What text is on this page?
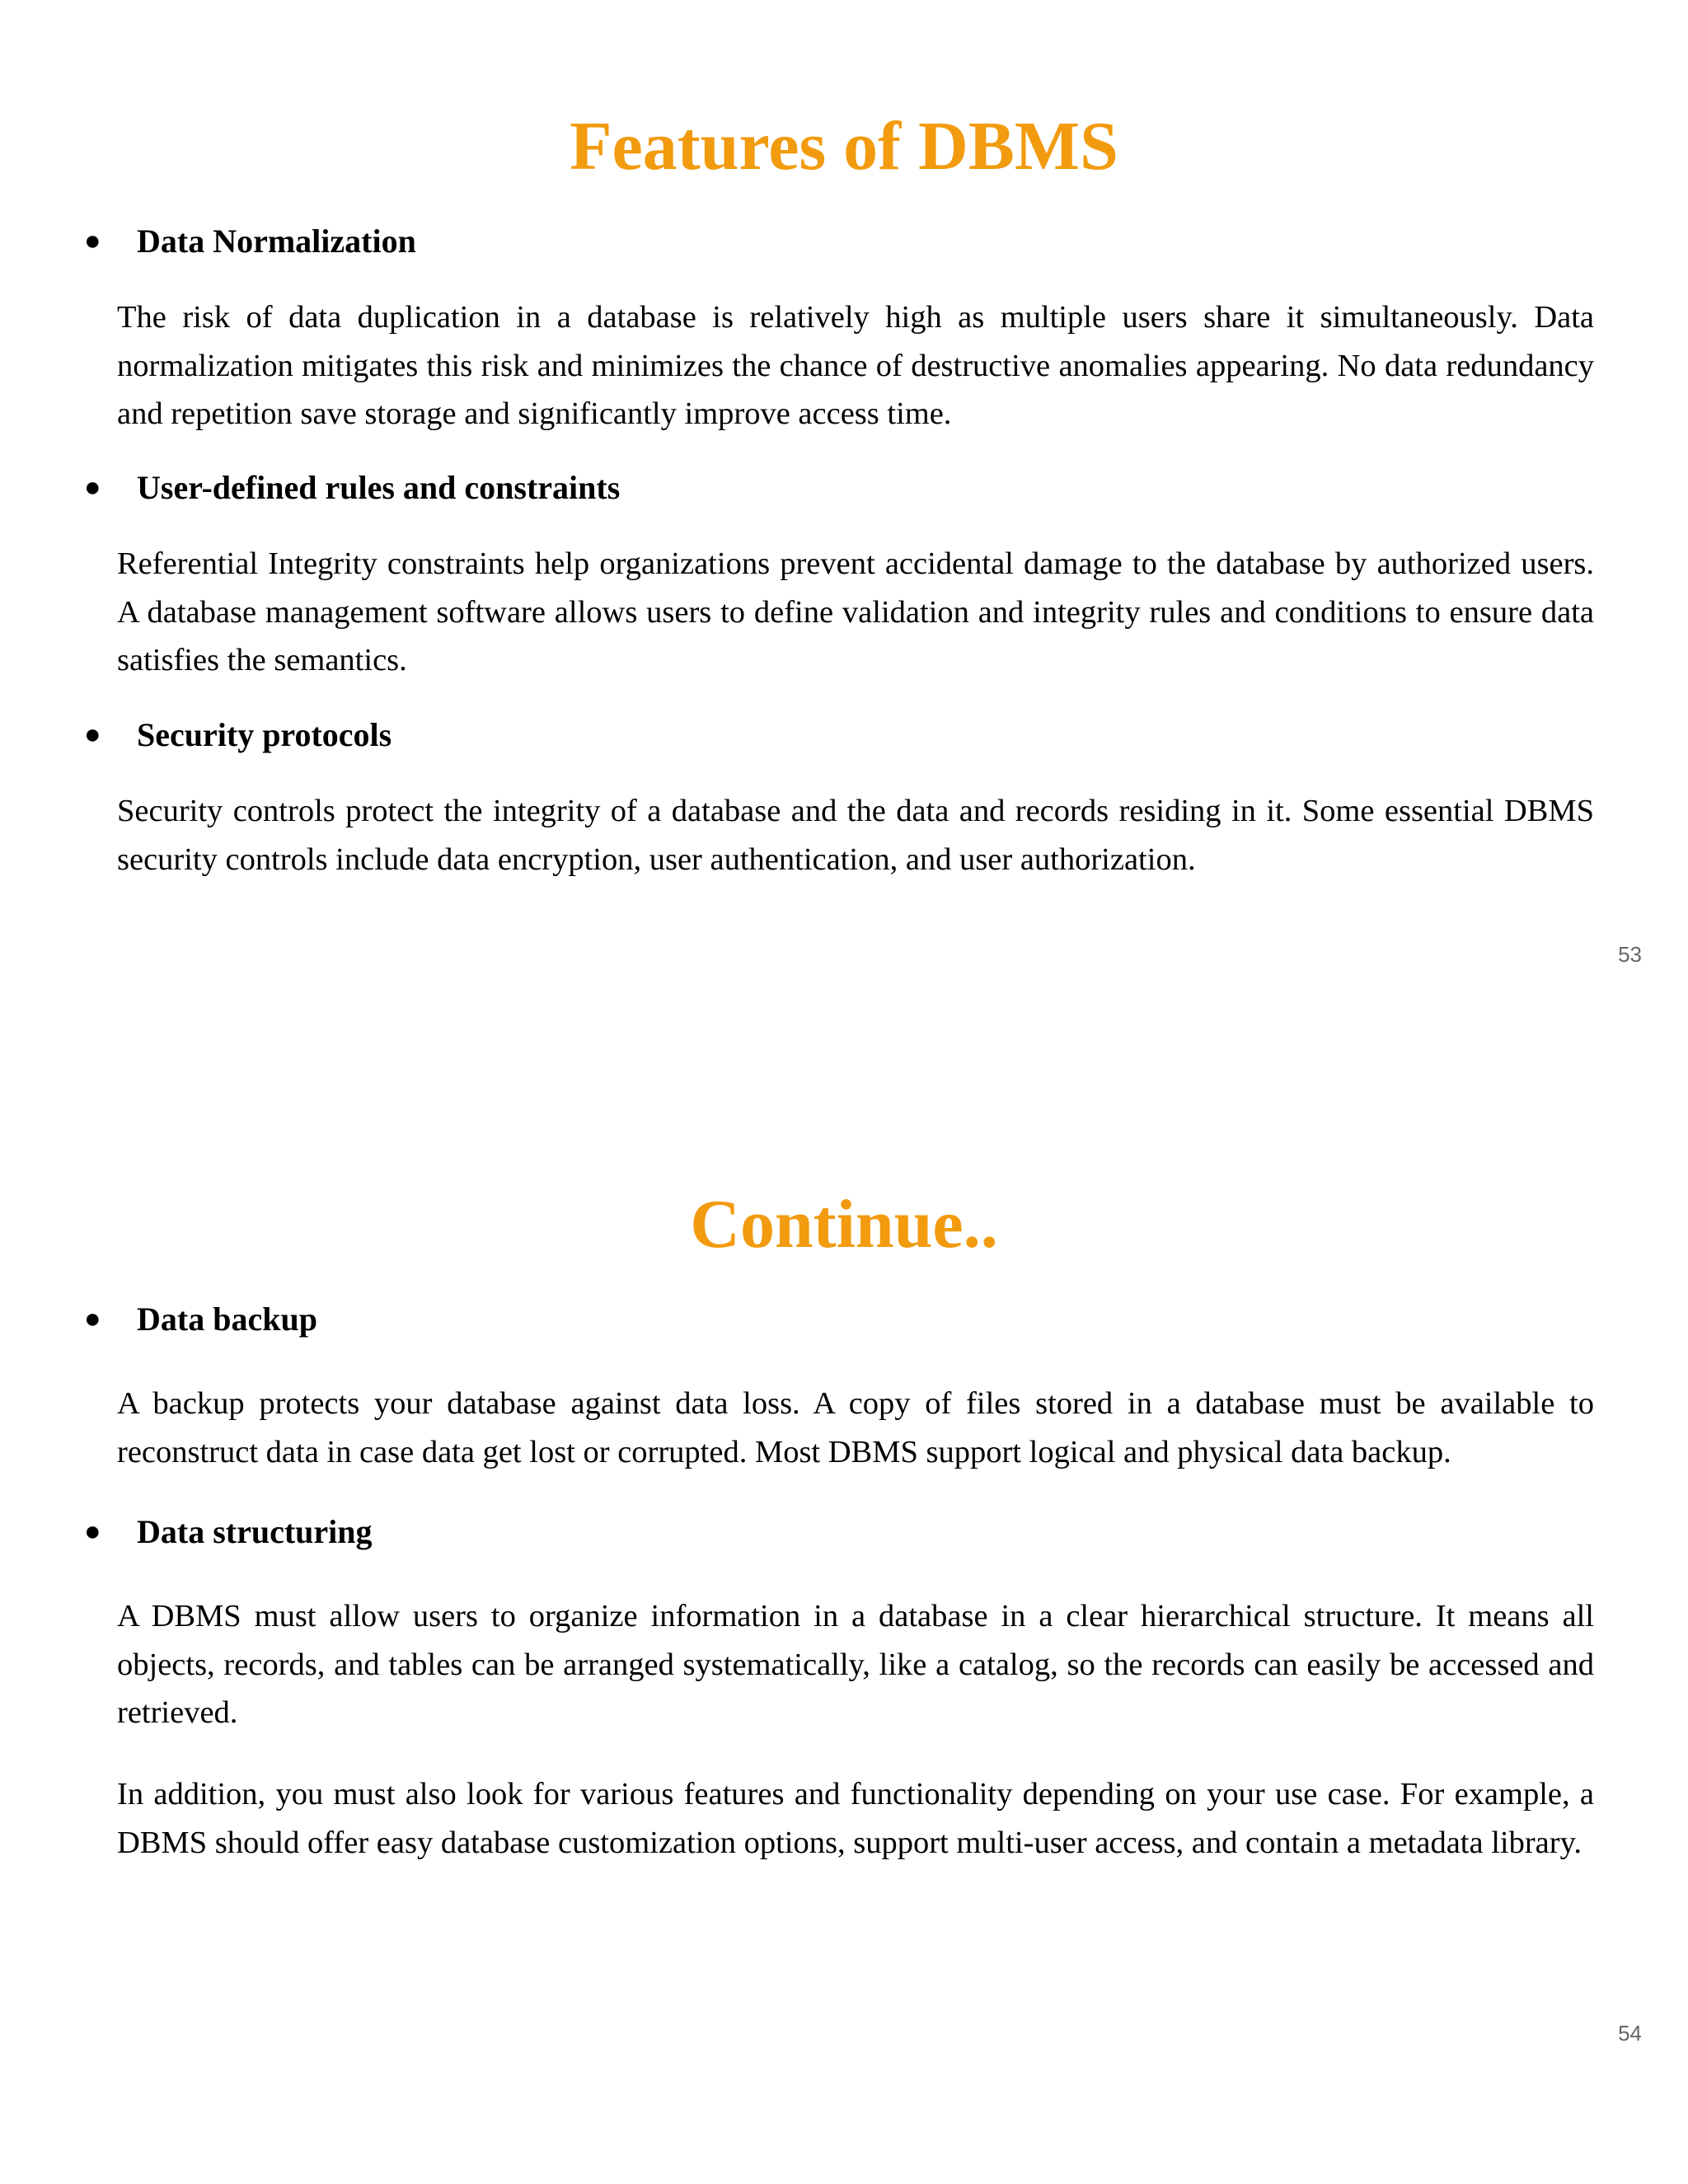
Features of DBMS
● Data Normalization

The risk of data duplication in a database is relatively high as multiple users share it simultaneously. Data normalization mitigates this risk and minimizes the chance of destructive anomalies appearing. No data redundancy and repetition save storage and significantly improve access time.

● User-defined rules and constraints

Referential Integrity constraints help organizations prevent accidental damage to the database by authorized users. A database management software allows users to define validation and integrity rules and conditions to ensure data satisfies the semantics.

● Security protocols

Security controls protect the integrity of a database and the data and records residing in it. Some essential DBMS security controls include data encryption, user authentication, and user authorization.

53
Continue..
● Data backup

A backup protects your database against data loss. A copy of files stored in a database must be available to reconstruct data in case data get lost or corrupted. Most DBMS support logical and physical data backup.

● Data structuring

A DBMS must allow users to organize information in a database in a clear hierarchical structure. It means all objects, records, and tables can be arranged systematically, like a catalog, so the records can easily be accessed and retrieved.

In addition, you must also look for various features and functionality depending on your use case. For example, a DBMS should offer easy database customization options, support multi-user access, and contain a metadata library.

54
